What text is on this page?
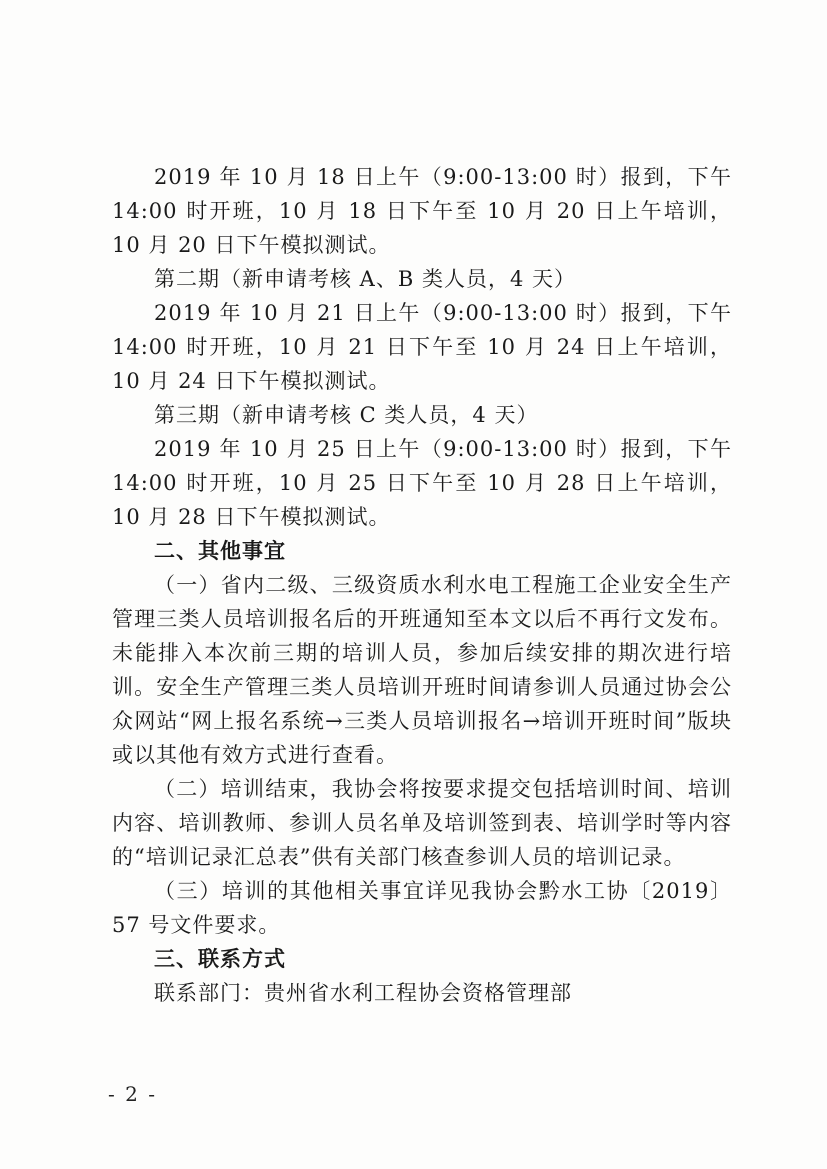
2019 年 10 月 18 日上午（9:00-13:00 时）报到，下午 14:00 时开班，10 月 18 日下午至 10 月 20 日上午培训，10 月 20 日下午模拟测试。

第二期（新申请考核 A、B 类人员，4 天）

2019 年 10 月 21 日上午（9:00-13:00 时）报到，下午 14:00 时开班，10 月 21 日下午至 10 月 24 日上午培训，10 月 24 日下午模拟测试。

第三期（新申请考核 C 类人员，4 天）

2019 年 10 月 25 日上午（9:00-13:00 时）报到，下午 14:00 时开班，10 月 25 日下午至 10 月 28 日上午培训，10 月 28 日下午模拟测试。

二、其他事宜

（一）省内二级、三级资质水利水电工程施工企业安全生产管理三类人员培训报名后的开班通知至本文以后不再行文发布。未能排入本次前三期的培训人员，参加后续安排的期次进行培训。安全生产管理三类人员培训开班时间请参训人员通过协会公众网站“网上报名系统→三类人员培训报名→培训开班时间”版块或以其他有效方式进行查看。

（二）培训结束，我协会将按要求提交包括培训时间、培训内容、培训教师、参训人员名单及培训签到表、培训学时等内容的“培训记录汇总表”供有关部门核查参训人员的培训记录。

（三）培训的其他相关事宜详见我协会黔水工协〔2019〕57 号文件要求。

三、联系方式

联系部门：贵州省水利工程协会资格管理部

- 2 -
